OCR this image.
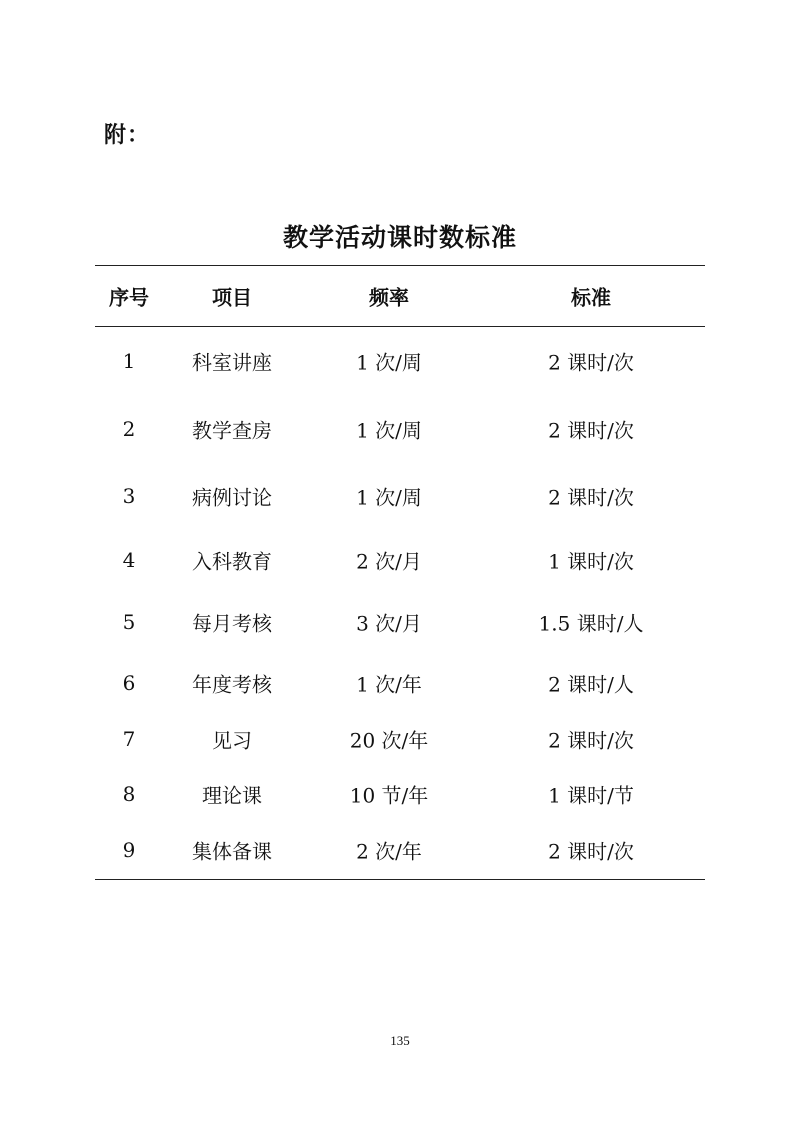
附：
教学活动课时数标准
序号	项目	频率	标准
1	科室讲座	1 次/周	2 课时/次
2	教学查房	1 次/周	2 课时/次
3	病例讨论	1 次/周	2 课时/次
4	入科教育	2 次/月	1 课时/次
5	每月考核	3 次/月	1.5 课时/人
6	年度考核	1 次/年	2 课时/人
7	见习	20 次/年	2 课时/次
8	理论课	10 节/年	1 课时/节
9	集体备课	2 次/年	2 课时/次
135
